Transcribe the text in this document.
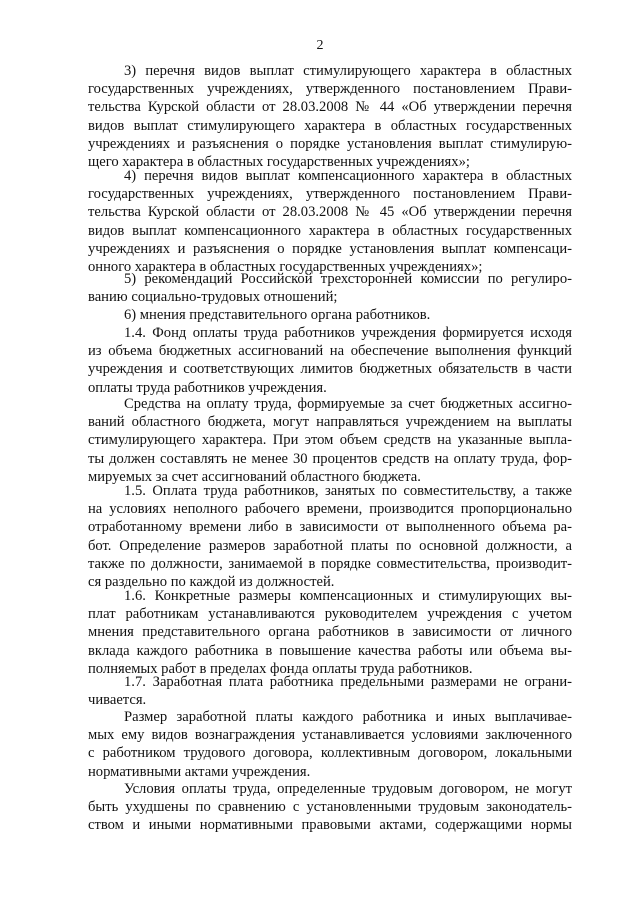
2
3) перечня видов выплат стимулирующего характера в областных
государственных учреждениях, утвержденного постановлением Прави-
тельства Курской области от 28.03.2008 № 44 «Об утверждении перечня
видов выплат стимулирующего характера в областных государственных
учреждениях и разъяснения о порядке установления выплат стимулирую-
щего характера в областных государственных учреждениях»;
4) перечня видов выплат компенсационного характера в областных
государственных учреждениях, утвержденного постановлением Прави-
тельства Курской области от 28.03.2008 № 45 «Об утверждении перечня
видов выплат компенсационного характера в областных государственных
учреждениях и разъяснения о порядке установления выплат компенсаци-
онного характера в областных государственных учреждениях»;
5) рекомендаций Российской трехсторонней комиссии по регулиро-
ванию социально-трудовых отношений;
6) мнения представительного органа работников.
1.4. Фонд оплаты труда работников учреждения формируется исходя
из объема бюджетных ассигнований на обеспечение выполнения функций
учреждения и соответствующих лимитов бюджетных обязательств в части
оплаты труда работников учреждения.
Средства на оплату труда, формируемые за счет бюджетных ассигно-
ваний областного бюджета, могут направляться учреждением на выплаты
стимулирующего характера. При этом объем средств на указанные выпла-
ты должен составлять не менее 30 процентов средств на оплату труда, фор-
мируемых за счет ассигнований областного бюджета.
1.5. Оплата труда работников, занятых по совместительству, а также
на условиях неполного рабочего времени, производится пропорционально
отработанному времени либо в зависимости от выполненного объема ра-
бот. Определение размеров заработной платы по основной должности, а
также по должности, занимаемой в порядке совместительства, производит-
ся раздельно по каждой из должностей.
1.6. Конкретные размеры компенсационных и стимулирующих вы-
плат работникам устанавливаются руководителем учреждения с учетом
мнения представительного органа работников в зависимости от личного
вклада каждого работника в повышение качества работы или объема вы-
полняемых работ в пределах фонда оплаты труда работников.
1.7. Заработная плата работника предельными размерами не ограни-
чивается.
Размер заработной платы каждого работника и иных выплачивае-
мых ему видов вознаграждения устанавливается условиями заключенного
с работником трудового договора, коллективным договором, локальными
нормативными актами учреждения.
Условия оплаты труда, определенные трудовым договором, не могут
быть ухудшены по сравнению с установленными трудовым законодатель-
ством и иными нормативными правовыми актами, содержащими нормы
